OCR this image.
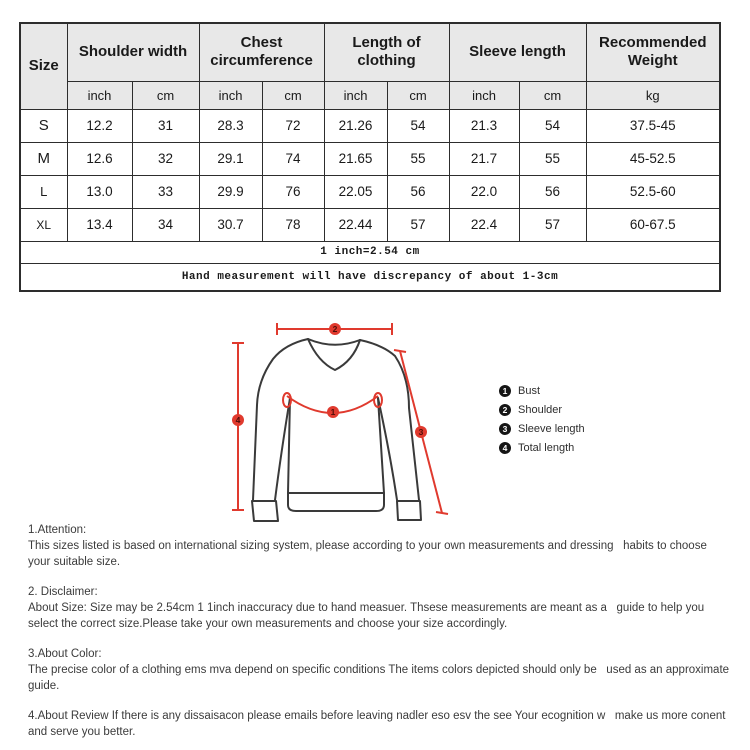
Size	Shoulder width		Chest circumference		Length of clothing		Sleeve length		Recommended Weight
	inch	cm	inch	cm	inch	cm	inch	cm	kg
S	12.2	31	28.3	72	21.26	54	21.3	54	37.5-45
M	12.6	32	29.1	74	21.65	55	21.7	55	45-52.5
L	13.0	33	29.9	76	22.05	56	22.0	56	52.5-60
XL	13.4	34	30.7	78	22.44	57	22.4	57	60-67.5
1 inch=2.54 cm									
Hand measurement will have discrepancy of about 1-3cm									
2
4
1
3
1 Bust
2 Shoulder
3 Sleeve length
4 Total length
1.Attention:
This sizes listed is based on international sizing system, please according to your own measurements and dressing   habits to choose your suitable size.
2. Disclaimer:
About Size: Size may be 2.54cm 1 1inch inaccuracy due to hand measuer. Thsese measurements are meant as a   guide to help you select the correct size.Please take your own measurements and choose your size accordingly.
3.About Color:
The precise color of a clothing ems mva depend on specific conditions The items colors depicted should only be   used as an approximate guide.
4.About Review If there is any dissaisacon please emails before leaving nadler eso esv the see Your ecognition w   make us more conent and serve you better.
